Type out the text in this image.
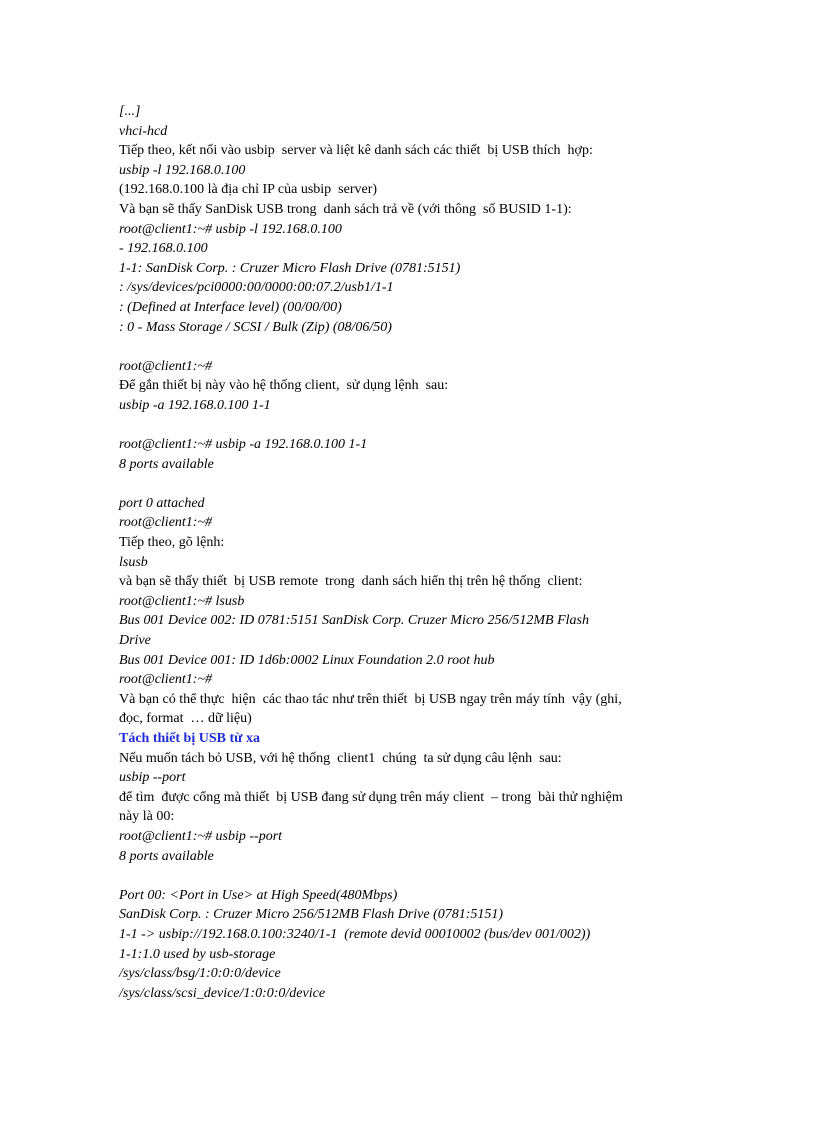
[...]

vhci-hcd

Tiếp theo, kết nối vào usbip  server và liệt kê danh sách các thiết  bị USB thích  hợp:

usbip -l 192.168.0.100

(192.168.0.100 là địa chỉ IP của usbip  server)

Và bạn sẽ thấy SanDisk USB trong  danh sách trả về (với thông  số BUSID 1-1):

root@client1:~# usbip -l 192.168.0.100

- 192.168.0.100

1-1: SanDisk Corp. : Cruzer Micro Flash Drive (0781:5151)

: /sys/devices/pci0000:00/0000:00:07.2/usb1/1-1

: (Defined at Interface level) (00/00/00)

: 0 - Mass Storage / SCSI / Bulk (Zip) (08/06/50)

root@client1:~#

Để gắn thiết bị này vào hệ thống client,  sử dụng lệnh  sau:

usbip -a 192.168.0.100 1-1

root@client1:~# usbip -a 192.168.0.100 1-1

8 ports available

port 0 attached

root@client1:~#

Tiếp theo, gõ lệnh:

lsusb

và bạn sẽ thấy thiết  bị USB remote  trong  danh sách hiển thị trên hệ thống  client:

root@client1:~# lsusb

Bus 001 Device 002: ID 0781:5151 SanDisk Corp. Cruzer Micro 256/512MB Flash

Drive

Bus 001 Device 001: ID 1d6b:0002 Linux Foundation 2.0 root hub

root@client1:~#

Và bạn có thể thực  hiện  các thao tác như trên thiết  bị USB ngay trên máy tính  vậy (ghi,

đọc, format  … dữ liệu)

Tách thiết bị USB từ xa

Nếu muốn tách bỏ USB, với hệ thống  client1  chúng  ta sử dụng câu lệnh  sau:

usbip --port

để tìm  được cổng mà thiết  bị USB đang sử dụng trên máy client  – trong  bài thử nghiệm

này là 00:

root@client1:~# usbip --port

8 ports available

Port 00: <Port in Use> at High Speed(480Mbps)

SanDisk Corp. : Cruzer Micro 256/512MB Flash Drive (0781:5151)

1-1 -> usbip://192.168.0.100:3240/1-1  (remote devid 00010002 (bus/dev 001/002))

1-1:1.0 used by usb-storage

/sys/class/bsg/1:0:0:0/device

/sys/class/scsi_device/1:0:0:0/device
